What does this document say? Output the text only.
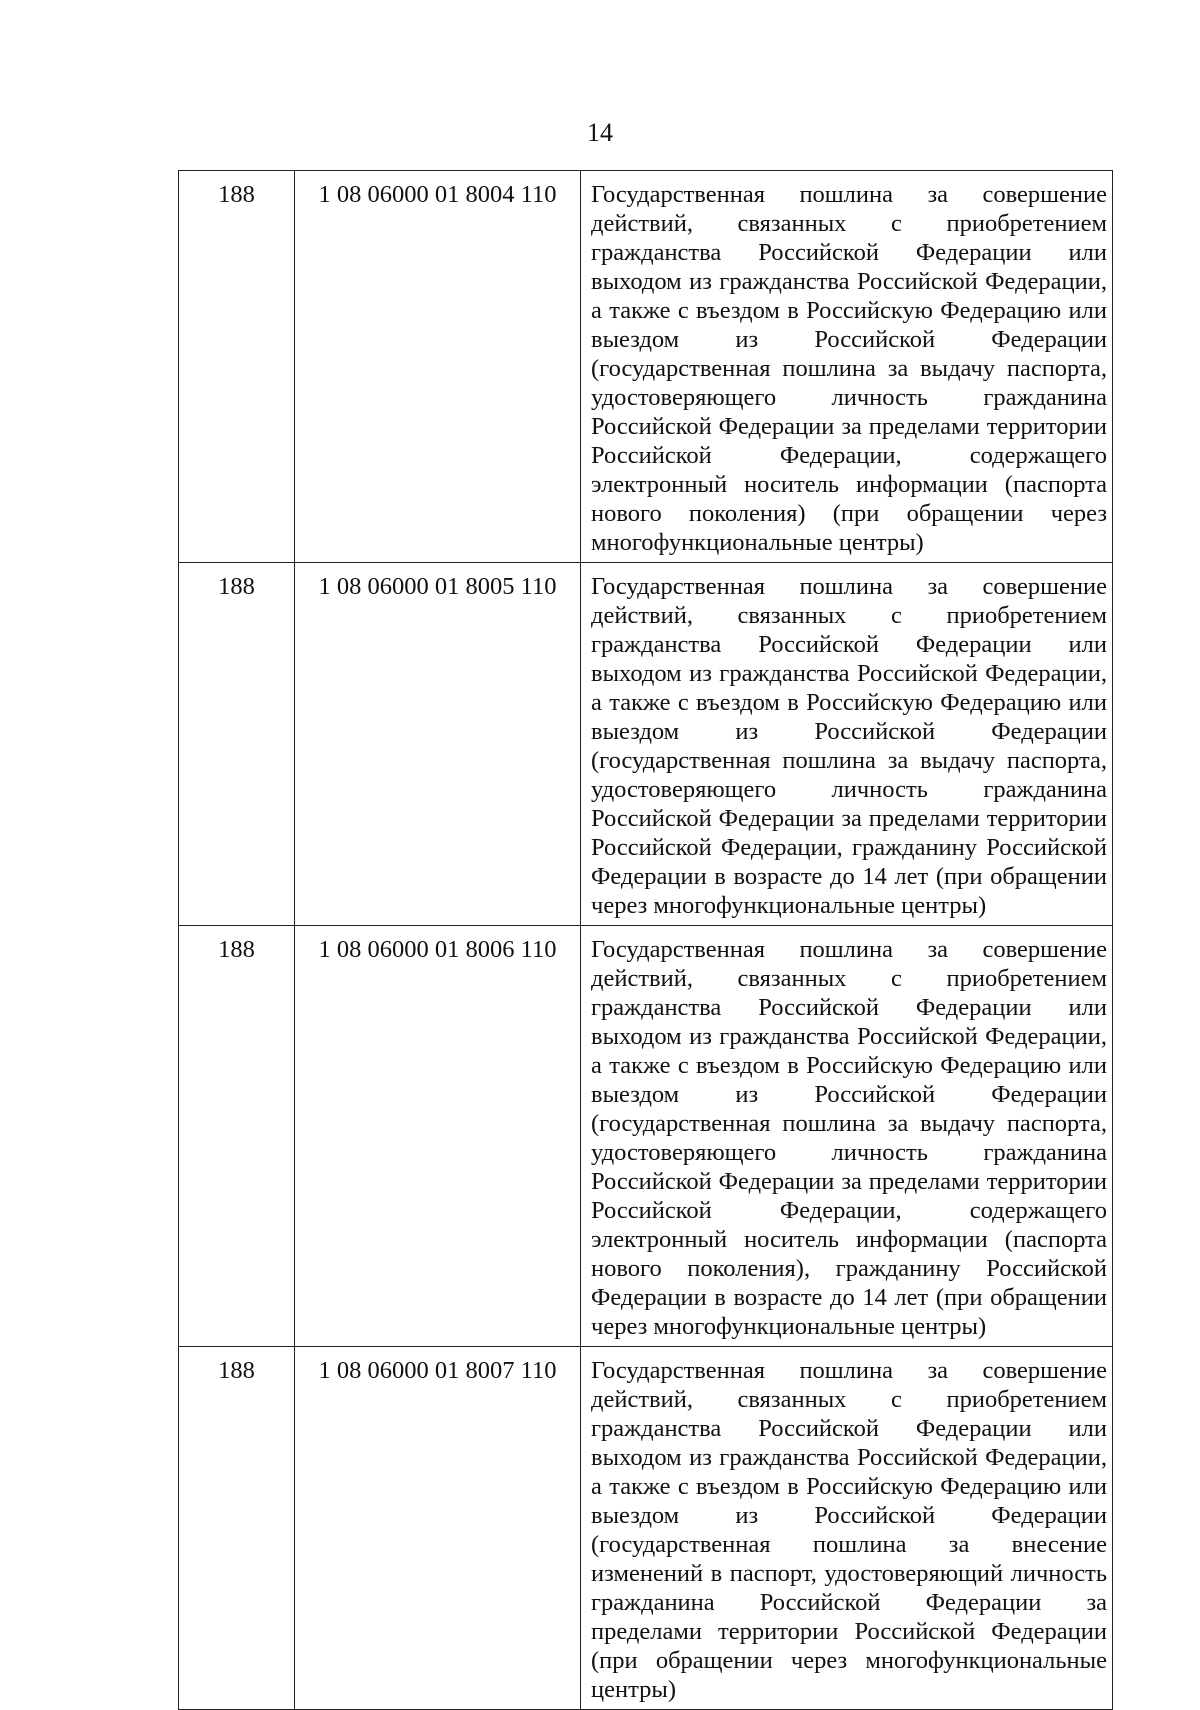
14
188	1 08 06000 01 8004 110	Государственная пошлина за совершение действий, связанных с приобретением гражданства Российской Федерации или выходом из гражданства Российской Федерации, а также с въездом в Российскую Федерацию или выездом из Российской Федерации (государственная пошлина за выдачу паспорта, удостоверяющего личность гражданина Российской Федерации за пределами территории Российской Федерации, содержащего электронный носитель информации (паспорта нового поколения) (при обращении через многофункциональные центры)
188	1 08 06000 01 8005 110	Государственная пошлина за совершение действий, связанных с приобретением гражданства Российской Федерации или выходом из гражданства Российской Федерации, а также с въездом в Российскую Федерацию или выездом из Российской Федерации (государственная пошлина за выдачу паспорта, удостоверяющего личность гражданина Российской Федерации за пределами территории Российской Федерации, гражданину Российской Федерации в возрасте до 14 лет (при обращении через многофункциональные центры)
188	1 08 06000 01 8006 110	Государственная пошлина за совершение действий, связанных с приобретением гражданства Российской Федерации или выходом из гражданства Российской Федерации, а также с въездом в Российскую Федерацию или выездом из Российской Федерации (государственная пошлина за выдачу паспорта, удостоверяющего личность гражданина Российской Федерации за пределами территории Российской Федерации, содержащего электронный носитель информации (паспорта нового поколения), гражданину Российской Федерации в возрасте до 14 лет (при обращении через многофункциональные центры)
188	1 08 06000 01 8007 110	Государственная пошлина за совершение действий, связанных с приобретением гражданства Российской Федерации или выходом из гражданства Российской Федерации, а также с въездом в Российскую Федерацию или выездом из Российской Федерации (государственная пошлина за внесение изменений в паспорт, удостоверяющий личность гражданина Российской Федерации за пределами территории Российской Федерации (при обращении через многофункциональные центры)
